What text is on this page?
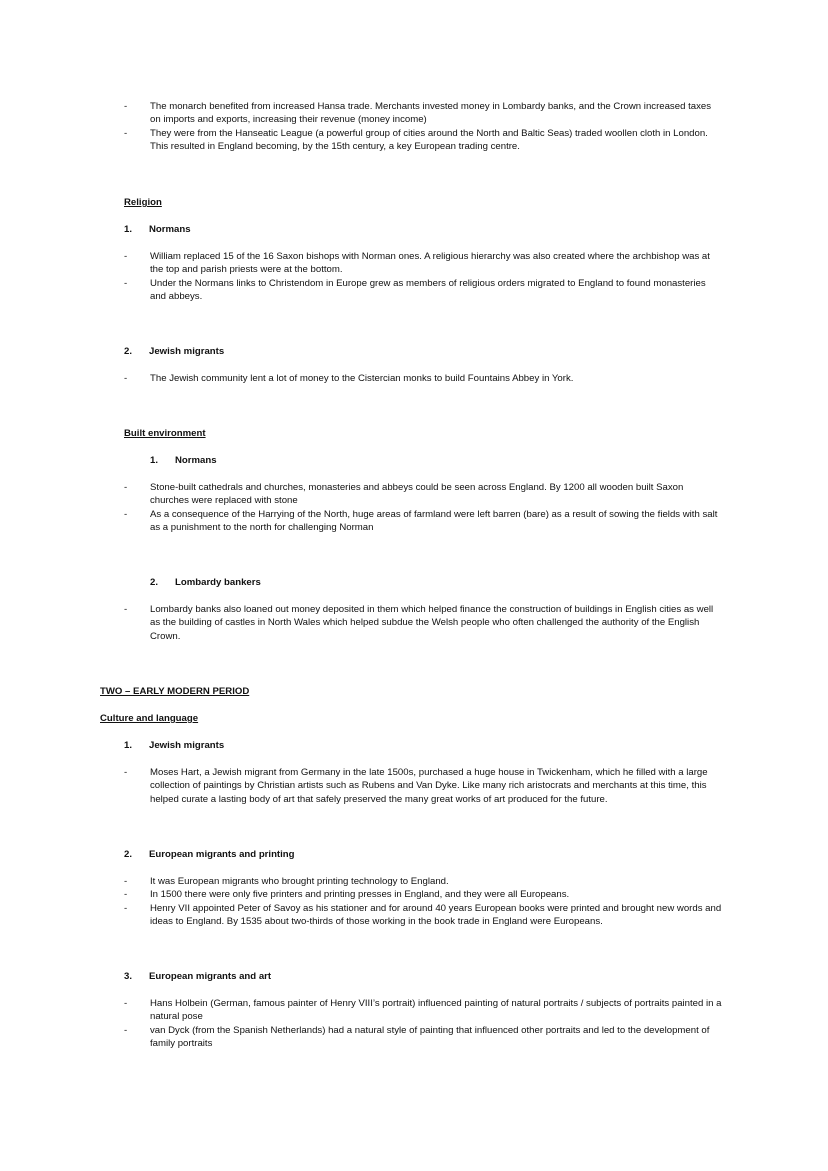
- The monarch benefited from increased Hansa trade. Merchants invested money in Lombardy banks, and the Crown increased taxes on imports and exports, increasing their revenue (money income)
- They were from the Hanseatic League (a powerful group of cities around the North and Baltic Seas) traded woollen cloth in London. This resulted in England becoming, by the 15th century, a key European trading centre.
Religion
1. Normans
- William replaced 15 of the 16 Saxon bishops with Norman ones. A religious hierarchy was also created where the archbishop was at the top and parish priests were at the bottom.
- Under the Normans links to Christendom in Europe grew as members of religious orders migrated to England to found monasteries and abbeys.
2. Jewish migrants
- The Jewish community lent a lot of money to the Cistercian monks to build Fountains Abbey in York.
Built environment
1. Normans
- Stone-built cathedrals and churches, monasteries and abbeys could be seen across England. By 1200 all wooden built Saxon churches were replaced with stone
- As a consequence of the Harrying of the North, huge areas of farmland were left barren (bare) as a result of sowing the fields with salt as a punishment to the north for challenging Norman
2. Lombardy bankers
- Lombardy banks also loaned out money deposited in them which helped finance the construction of buildings in English cities as well as the building of castles in North Wales which helped subdue the Welsh people who often challenged the authority of the English Crown.
TWO – EARLY MODERN PERIOD
Culture and language
1. Jewish migrants
- Moses Hart, a Jewish migrant from Germany in the late 1500s, purchased a huge house in Twickenham, which he filled with a large collection of paintings by Christian artists such as Rubens and Van Dyke. Like many rich aristocrats and merchants at this time, this helped curate a lasting body of art that safely preserved the many great works of art produced for the future.
2. European migrants and printing
- It was European migrants who brought printing technology to England.
- In 1500 there were only five printers and printing presses in England, and they were all Europeans.
- Henry VII appointed Peter of Savoy as his stationer and for around 40 years European books were printed and brought new words and ideas to England. By 1535 about two-thirds of those working in the book trade in England were Europeans.
3. European migrants and art
- Hans Holbein (German, famous painter of Henry VIII’s portrait) influenced painting of natural portraits / subjects of portraits painted in a natural pose
- van Dyck (from the Spanish Netherlands) had a natural style of painting that influenced other portraits and led to the development of family portraits
